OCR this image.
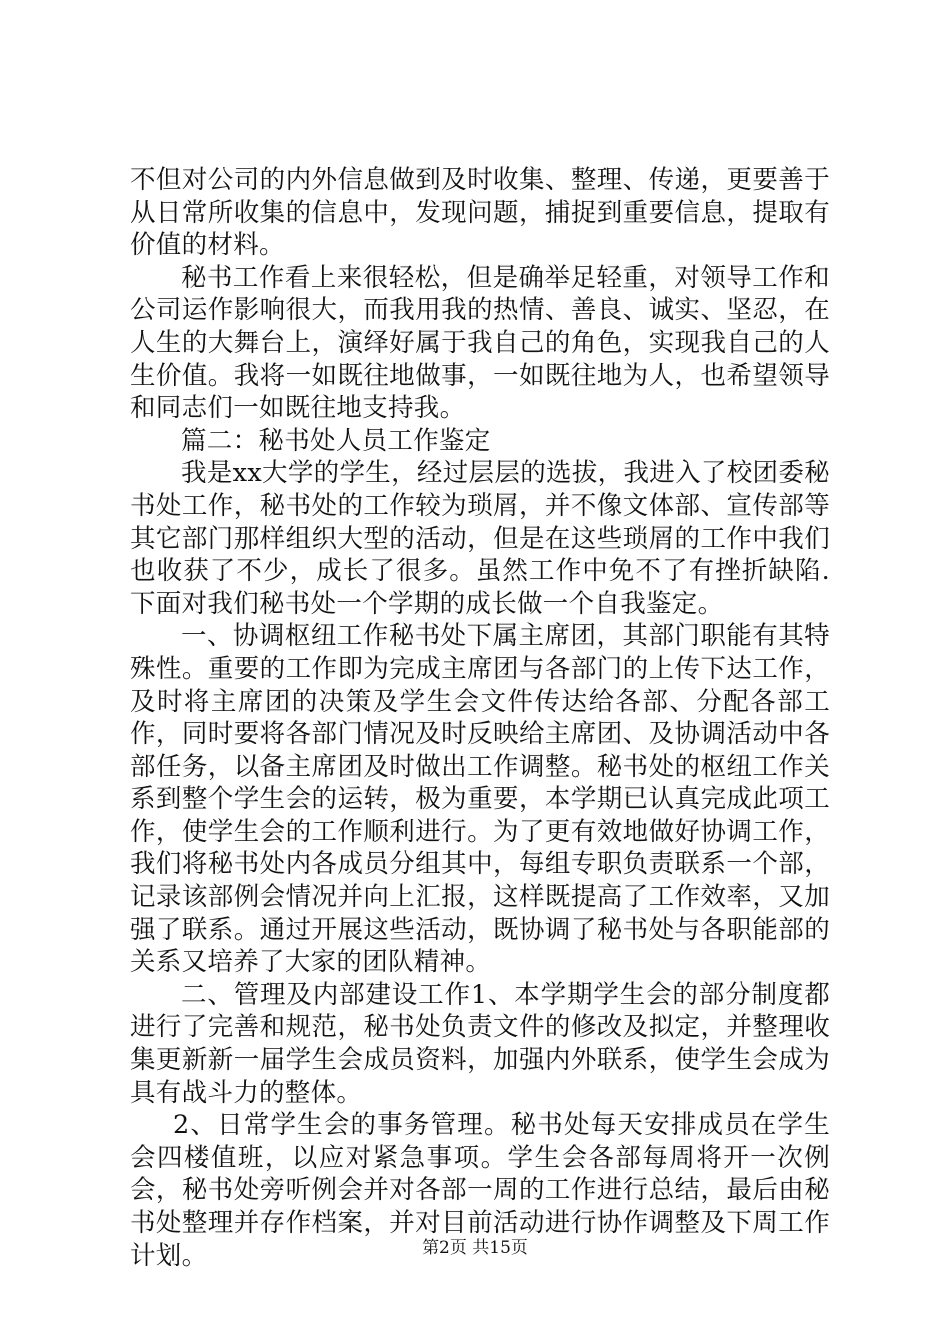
不但对公司的内外信息做到及时收集、整理、传递，更要善于从日常所收集的信息中，发现问题，捕捉到重要信息，提取有价值的材料。

秘书工作看上来很轻松，但是确举足轻重，对领导工作和公司运作影响很大，而我用我的热情、善良、诚实、坚忍，在人生的大舞台上，演绎好属于我自己的角色，实现我自己的人生价值。我将一如既往地做事，一如既往地为人，也希望领导和同志们一如既往地支持我。

篇二：秘书处人员工作鉴定

我是xx大学的学生，经过层层的选拔，我进入了校团委秘书处工作，秘书处的工作较为琐屑，并不像文体部、宣传部等其它部门那样组织大型的活动，但是在这些琐屑的工作中我们也收获了不少，成长了很多。虽然工作中免不了有挫折缺陷.下面对我们秘书处一个学期的成长做一个自我鉴定。

一、协调枢纽工作秘书处下属主席团，其部门职能有其特殊性。重要的工作即为完成主席团与各部门的上传下达工作，及时将主席团的决策及学生会文件传达给各部、分配各部工作，同时要将各部门情况及时反映给主席团、及协调活动中各部任务，以备主席团及时做出工作调整。秘书处的枢纽工作关系到整个学生会的运转，极为重要，本学期已认真完成此项工作，使学生会的工作顺利进行。为了更有效地做好协调工作，我们将秘书处内各成员分组其中，每组专职负责联系一个部，记录该部例会情况并向上汇报，这样既提高了工作效率，又加强了联系。通过开展这些活动，既协调了秘书处与各职能部的关系又培养了大家的团队精神。

二、管理及内部建设工作1、本学期学生会的部分制度都进行了完善和规范，秘书处负责文件的修改及拟定，并整理收集更新新一届学生会成员资料，加强内外联系，使学生会成为具有战斗力的整体。

2、日常学生会的事务管理。秘书处每天安排成员在学生会四楼值班，以应对紧急事项。学生会各部每周将开一次例会，秘书处旁听例会并对各部一周的工作进行总结，最后由秘书处整理并存作档案，并对目前活动进行协作调整及下周工作计划。	第2页 共15页
